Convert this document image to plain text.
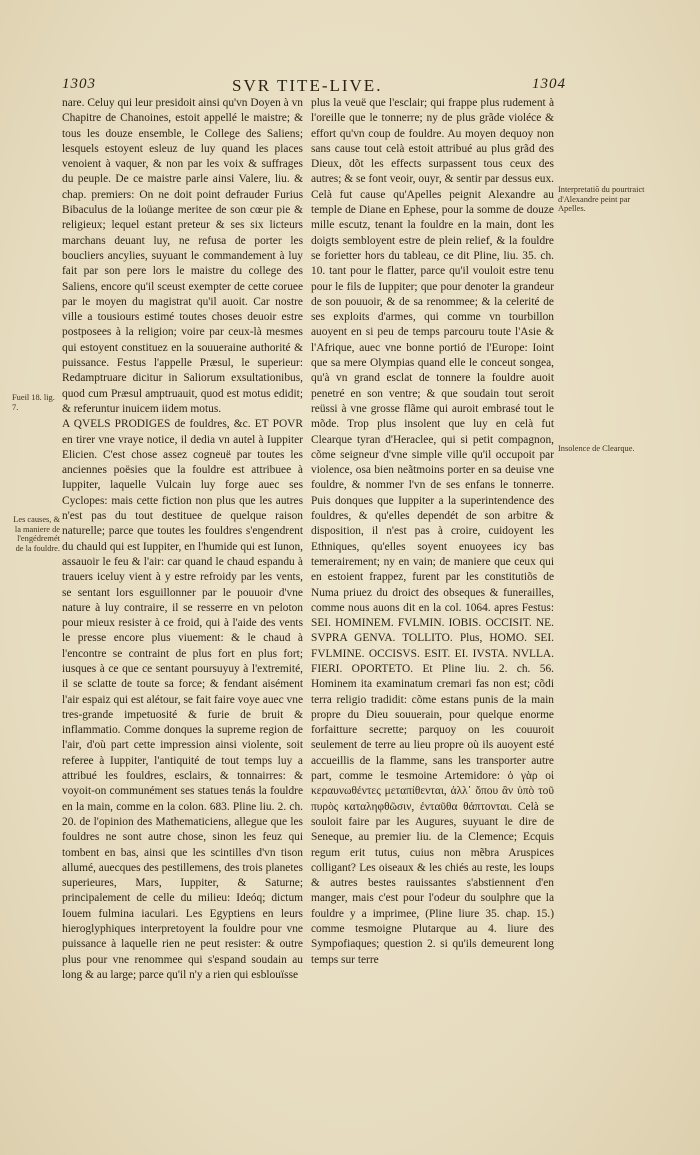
1303	SVR TITE-LIVE.	1304

nare. Celuy qui leur presidoit ainsi qu'vn Doyen à vn Chapitre de Chanoines, estoit appellé le maistre; & tous les douze ensemble, le College des Saliens; lesquels estoyent esleuz de luy quand les places venoient à vaquer, & non par les voix & suffrages du peuple. De ce maistre parle ainsi Valere, liu. & chap. premiers: On ne doit point defrauder Furius Bibaculus de la loüange meritee de son cœur pie & religieux; lequel estant preteur & ses six licteurs marchans deuant luy, ne refusa de porter les boucliers ancylies, suyuant le commandement à luy fait par son pere lors le maistre du college des Saliens, encore qu'il sceust exempter de cette coruee par le moyen du magistrat qu'il auoit. Car nostre ville a tousiours estimé toutes choses deuoir estre postposees à la religion; voire par ceux-là mesmes qui estoyent constituez en la souueraine authorité & puissance. Festus l'appelle Præsul, le superieur: Redamptruare dicitur in Saliorum exsultationibus, quod cum Præsul amptruauit, quod est motus edidit; & referuntur inuicem iidem motus.

A QVELS PRODIGES de fouldres, &c. ET POVR en tirer vne vraye notice, il dedia vn autel à Iuppiter Elicien. C'est chose assez cogneuë par toutes les anciennes poësies que la fouldre est attribuee à Iuppiter, laquelle Vulcain luy forge auec ses Cyclopes: mais cette fiction non plus que les autres n'est pas du tout destituee de quelque raison naturelle; parce que toutes les fouldres s'engendrent du chauld qui est Iuppiter, en l'humide qui est Iunon, assauoir le feu & l'air: car quand le chaud espandu à trauers iceluy vient à y estre refroidy par les vents, se sentant lors esguillonner par le pouuoir d'vne nature à luy contraire, il se resserre en vn peloton pour mieux resister à ce froid, qui à l'aide des vents le presse encore plus viuement: & le chaud à l'encontre se contraint de plus fort en plus fort; iusques à ce que ce sentant poursuyuy à l'extremité, il se sclatte de toute sa force; & fendant aisément l'air espaiz qui est alétour, se fait faire voye auec vne tres-grande impetuosité & furie de bruit & inflammatio. Comme donques la supreme region de l'air, d'où part cette impression ainsi violente, soit referee à Iuppiter, l'antiquité de tout temps luy a attribué les fouldres, esclairs, & tonnairres: & voyoit-on communément ses statues tenás la fouldre en la main, comme en la colon. 683. Pline liu. 2. ch. 20. de l'opinion des Mathematiciens, allegue que les fouldres ne sont autre chose, sinon les feuz qui tombent en bas, ainsi que les scintilles d'vn tison allumé, auecques des pestillemens, des trois planetes superieures, Mars, Iuppiter, & Saturne; principalement de celle du milieu: Ideóq; dictum Iouem fulmina iaculari. Les Egyptiens en leurs hieroglyphiques interpretoyent la fouldre pour vne puissance à laquelle rien ne peut resister: & outre plus pour vne renommee qui s'espand soudain au long & au large; parce qu'il n'y a rien qui esblouïsse

plus la veuë que l'esclair; qui frappe plus rudement à l'oreille que le tonnerre; ny de plus grãde violéce & effort qu'vn coup de fouldre. Au moyen dequoy non sans cause tout celà estoit attribué au plus grãd des Dieux, dõt les effects surpassent tous ceux des autres; & se font veoir, ouyr, & sentir par dessus eux. Celà fut cause qu'Apelles peignit Alexandre au temple de Diane en Ephese, pour la somme de douze mille escutz, tenant la fouldre en la main, dont les doigts sembloyent estre de plein relief, & la fouldre se forietter hors du tableau, ce dit Pline, liu. 35. ch. 10. tant pour le flatter, parce qu'il vouloit estre tenu pour le fils de Iuppiter; que pour denoter la grandeur de son pouuoir, & de sa renommee; & la celerité de ses exploits d'armes, qui comme vn tourbillon auoyent en si peu de temps parcouru toute l'Asie & l'Afrique, auec vne bonne portió de l'Europe: Ioint que sa mere Olympias quand elle le conceut songea, qu'à vn grand esclat de tonnere la fouldre auoit penetré en son ventre; & que soudain tout seroit reüssi à vne grosse flãme qui auroit embrasé tout le mõde. Trop plus insolent que luy en celà fut Clearque tyran d'Heraclee, qui si petit compagnon, cõme seigneur d'vne simple ville qu'il occupoit par violence, osa bien neãtmoins porter en sa deuise vne fouldre, & nommer l'vn de ses enfans le tonnerre. Puis donques que Iuppiter a la superintendence des fouldres, & qu'elles dependét de son arbitre & disposition, il n'est pas à croire, cuidoyent les Ethniques, qu'elles soyent enuoyees icy bas temerairement; ny en vain; de maniere que ceux qui en estoient frappez, furent par les constitutiõs de Numa priuez du droict des obseques & funerailles, comme nous auons dit en la col. 1064. apres Festus: SEI. HOMINEM. FVLMIN. IOBIS. OCCISIT. NE. SVPRA GENVA. TOLLITO. Plus, HOMO. SEI. FVLMINE. OCCISVS. ESIT. EI. IVSTA. NVLLA. FIERI. OPORTETO. Et Pline liu. 2. ch. 56. Hominem ita examinatum cremari fas non est; cõdi terra religio tradidit: cõme estans punis de la main propre du Dieu souuerain, pour quelque enorme forfaitture secrette; parquoy on les couuroit seulement de terre au lieu propre où ils auoyent esté accueillis de la flamme, sans les transporter autre part, comme le tesmoine Artemidore: ὁ γὰρ οἱ κεραυνωθέντες μεταπίθενται, ἀλλ᾽ ὅπου ἂν ὑπὸ τοῦ πυρὸς καταληφθῶσιν, ἐνταῦθα θάπτονται. Celà se souloit faire par les Augures, suyuant le dire de Seneque, au premier liu. de la Clemence; Ecquis regum erit tutus, cuius non mẽbra Aruspices colligant? Les oiseaux & les chiés au reste, les loups & autres bestes rauissantes s'abstiennent d'en manger, mais c'est pour l'odeur du soulphre que la fouldre y a imprimee, (Pline liure 35. chap. 15.) comme tesmoigne Plutarque au 4. liure des Sympofiaques; question 2. si qu'ils demeurent long temps sur terre

Fueil 18. lig. 7.
Les causes, & la maniere de l'engédremét de la fouldre.
Interpretatiõ du pourtraict d'Alexandre peint par Apelles.
Insolence de Clearque.
